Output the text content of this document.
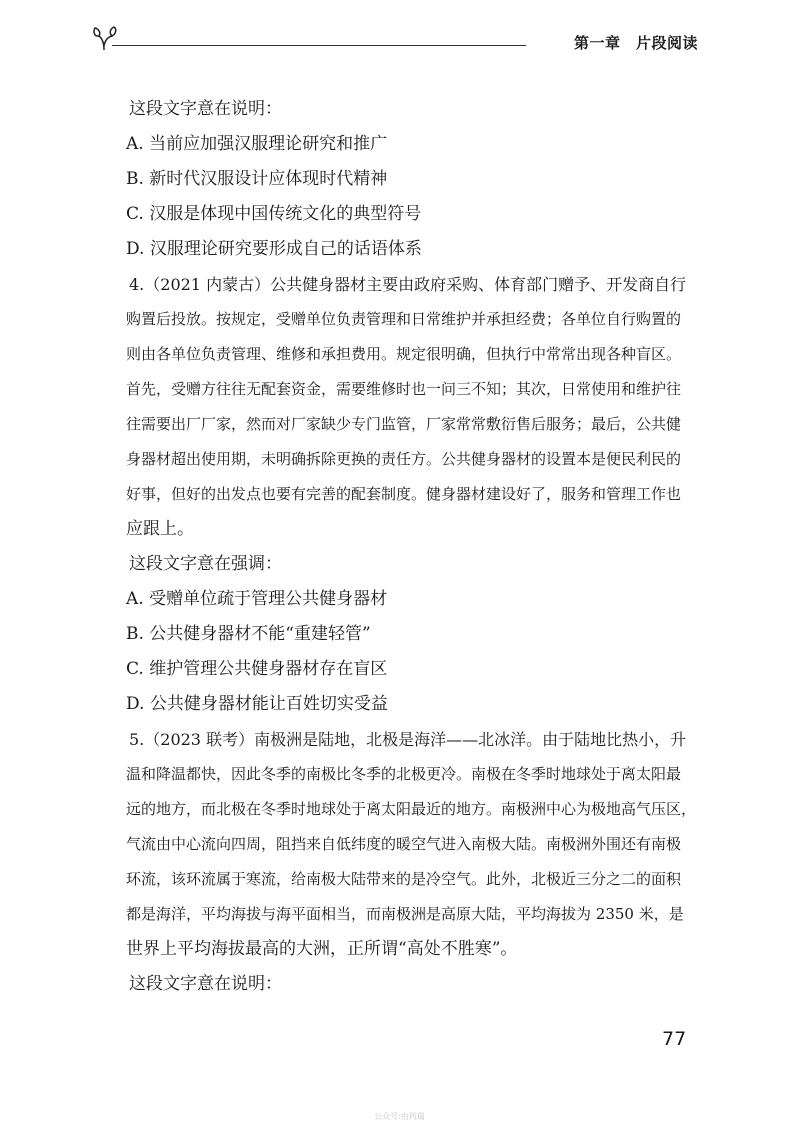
第一章　片段阅读

这段文字意在说明：

A. 当前应加强汉服理论研究和推广

B. 新时代汉服设计应体现时代精神

C. 汉服是体现中国传统文化的典型符号

D. 汉服理论研究要形成自己的话语体系

4.（2021 内蒙古）公共健身器材主要由政府采购、体育部门赠予、开发商自行

购置后投放。按规定，受赠单位负责管理和日常维护并承担经费；各单位自行购置的

则由各单位负责管理、维修和承担费用。规定很明确，但执行中常常出现各种盲区。

首先，受赠方往往无配套资金，需要维修时也一问三不知；其次，日常使用和维护往

往需要出厂厂家，然而对厂家缺少专门监管，厂家常常敷衍售后服务；最后，公共健

身器材超出使用期，未明确拆除更换的责任方。公共健身器材的设置本是便民利民的

好事，但好的出发点也要有完善的配套制度。健身器材建设好了，服务和管理工作也

应跟上。

这段文字意在强调：

A. 受赠单位疏于管理公共健身器材

B. 公共健身器材不能“重建轻管”

C. 维护管理公共健身器材存在盲区

D. 公共健身器材能让百姓切实受益

5.（2023 联考）南极洲是陆地，北极是海洋——北冰洋。由于陆地比热小，升

温和降温都快，因此冬季的南极比冬季的北极更冷。南极在冬季时地球处于离太阳最

远的地方，而北极在冬季时地球处于离太阳最近的地方。南极洲中心为极地高气压区，

气流由中心流向四周，阻挡来自低纬度的暖空气进入南极大陆。南极洲外围还有南极

环流，该环流属于寒流，给南极大陆带来的是冷空气。此外，北极近三分之二的面积

都是海洋，平均海拔与海平面相当，而南极洲是高原大陆，平均海拔为 2350 米，是

世界上平均海拔最高的大洲，正所谓“高处不胜寒”。

这段文字意在说明：

77
公众号:由药瑞
